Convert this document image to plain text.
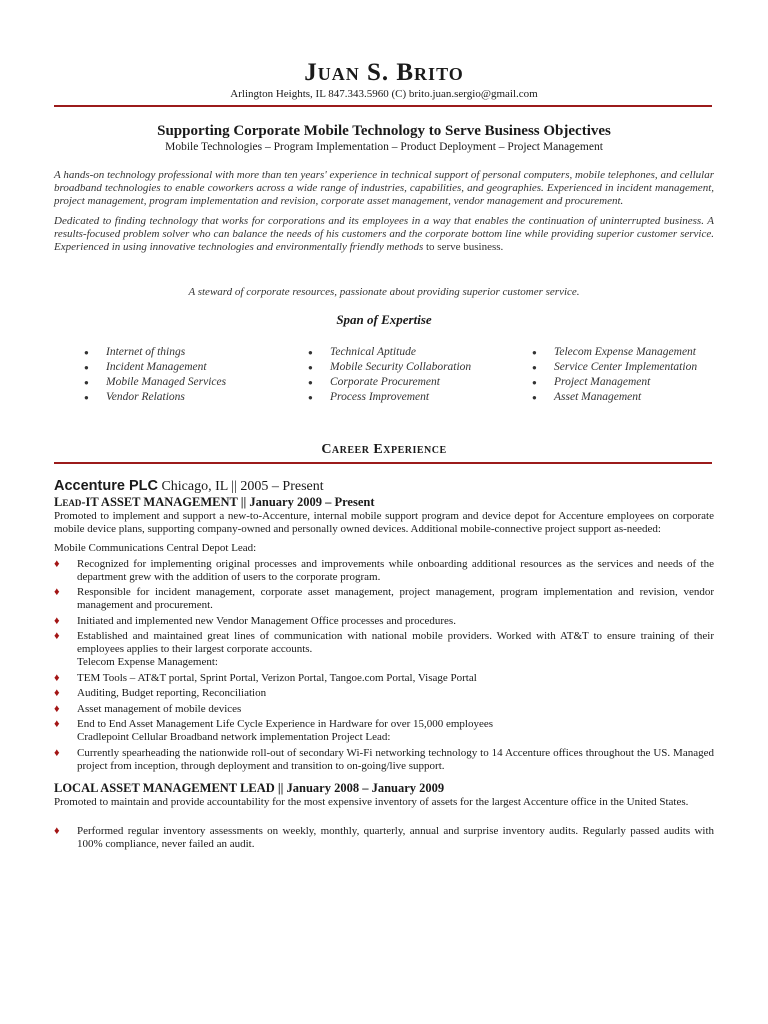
Juan S. Brito
Arlington Heights, IL 847.343.5960 (C) brito.juan.sergio@gmail.com
Supporting Corporate Mobile Technology to Serve Business Objectives
Mobile Technologies – Program Implementation – Product Deployment – Project Management

A hands-on technology professional with more than ten years' experience in technical support of personal computers, mobile telephones, and cellular broadband technologies to enable coworkers across a wide range of industries, capabilities, and geographies. Experienced in incident management, project management, program implementation and revision, corporate asset management, vendor management and procurement.

Dedicated to finding technology that works for corporations and its employees in a way that enables the continuation of uninterrupted business. A results-focused problem solver who can balance the needs of his customers and the corporate bottom line while providing superior customer service. Experienced in using innovative technologies and environmentally friendly methods to serve business.

A steward of corporate resources, passionate about providing superior customer service.
Span of Expertise
● Internet of things
● Incident Management
● Mobile Managed Services
● Vendor Relations
● Technical Aptitude
● Mobile Security Collaboration
● Corporate Procurement
● Process Improvement
● Telecom Expense Management
● Service Center Implementation
● Project Management
● Asset Management
Career Experience
Accenture PLC Chicago, IL || 2005 – Present
Lead-IT ASSET MANAGEMENT || January 2009 – Present
Promoted to implement and support a new-to-Accenture, internal mobile support program and device depot for Accenture employees on corporate mobile device plans, supporting company-owned and personally owned devices. Additional mobile-connective project support as-needed:
Mobile Communications Central Depot Lead:
♦ Recognized for implementing original processes and improvements while onboarding additional resources as the services and needs of the department grew with the addition of users to the corporate program.
♦ Responsible for incident management, corporate asset management, project management, program implementation and revision, vendor management and procurement.
♦ Initiated and implemented new Vendor Management Office processes and procedures.
♦ Established and maintained great lines of communication with national mobile providers. Worked with AT&T to ensure training of their employees applies to their largest corporate accounts.
Telecom Expense Management:
♦ TEM Tools – AT&T portal, Sprint Portal, Verizon Portal, Tangoe.com Portal, Visage Portal
♦ Auditing, Budget reporting, Reconciliation
♦ Asset management of mobile devices
♦ End to End Asset Management Life Cycle Experience in Hardware for over 15,000 employees
Cradlepoint Cellular Broadband network implementation Project Lead:
♦ Currently spearheading the nationwide roll-out of secondary Wi-Fi networking technology to 14 Accenture offices throughout the US. Managed project from inception, through deployment and transition to on-going/live support.
LOCAL ASSET MANAGEMENT LEAD || January 2008 – January 2009
Promoted to maintain and provide accountability for the most expensive inventory of assets for the largest Accenture office in the United States.
♦ Performed regular inventory assessments on weekly, monthly, quarterly, annual and surprise inventory audits. Regularly passed audits with 100% compliance, never failed an audit.
